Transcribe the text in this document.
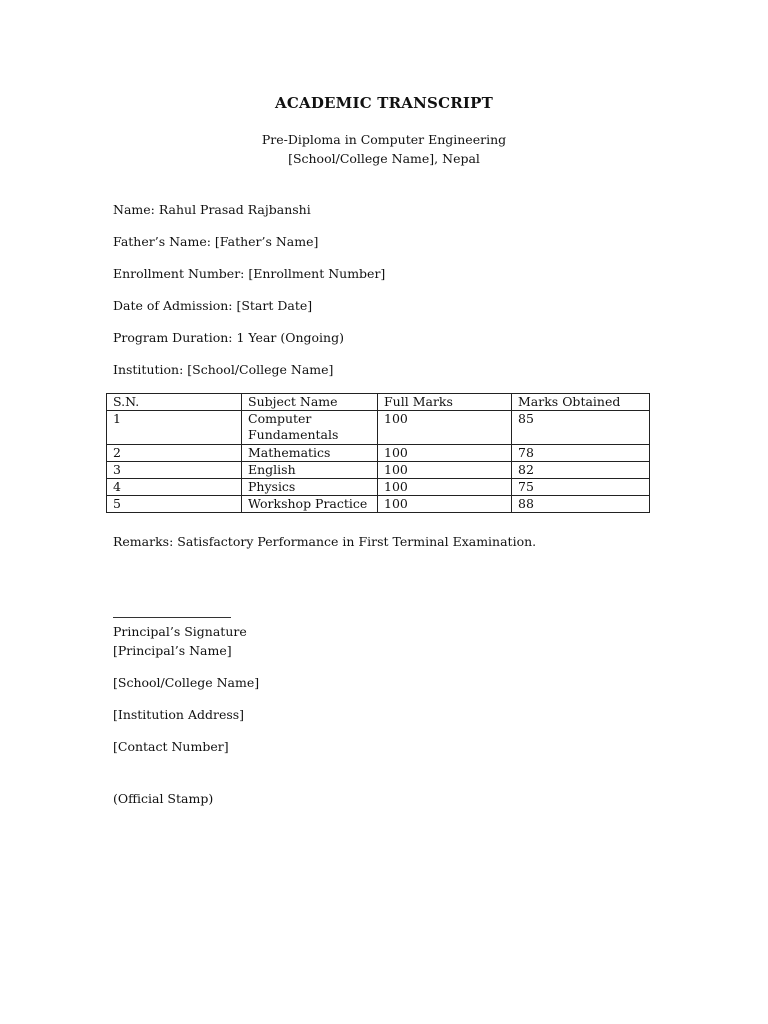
ACADEMIC TRANSCRIPT
Pre-Diploma in Computer Engineering
[School/College Name], Nepal
Name: Rahul Prasad Rajbanshi
Father’s Name: [Father’s Name]
Enrollment Number: [Enrollment Number]
Date of Admission: [Start Date]
Program Duration: 1 Year (Ongoing)
Institution: [School/College Name]
S.N.	Subject Name	Full Marks	Marks Obtained
1	Computer Fundamentals	100	85
2	Mathematics	100	78
3	English	100	82
4	Physics	100	75
5	Workshop Practice	100	88
Remarks: Satisfactory Performance in First Terminal Examination.
Principal’s Signature
[Principal’s Name]
[School/College Name]
[Institution Address]
[Contact Number]
(Official Stamp)
